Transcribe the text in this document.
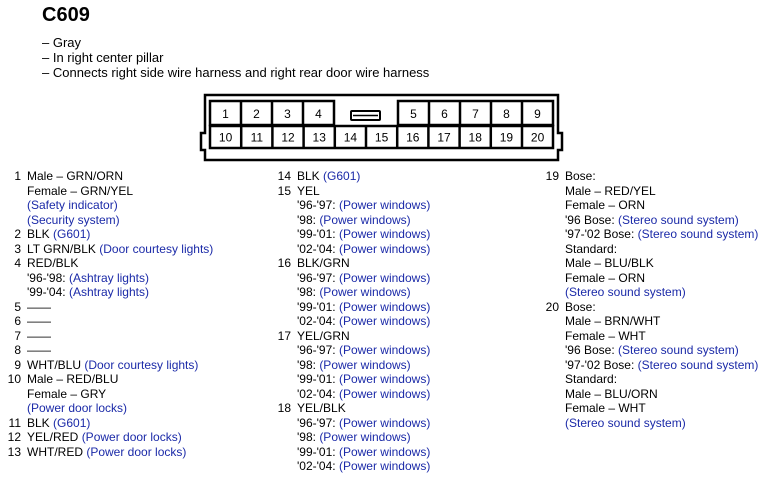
C609
– Gray
– In right center pillar
– Connects right side wire harness and right rear door wire harness
1 2 3 4	5 6 7 8 9
10 11 12 13 14 15 16 17 18 19 20
1 Male – GRN/ORN
Female – GRN/YEL
(Safety indicator)
(Security system)
2 BLK (G601)
3 LT GRN/BLK (Door courtesy lights)
4 RED/BLK
'96-'98: (Ashtray lights)
'99-'04: (Ashtray lights)
5 ——
6 ——
7 ——
8 ——
9 WHT/BLU (Door courtesy lights)
10 Male – RED/BLU
Female – GRY
(Power door locks)
11 BLK (G601)
12 YEL/RED (Power door locks)
13 WHT/RED (Power door locks)
14 BLK (G601)
15 YEL
'96-'97: (Power windows)
'98: (Power windows)
'99-'01: (Power windows)
'02-'04: (Power windows)
16 BLK/GRN
'96-'97: (Power windows)
'98: (Power windows)
'99-'01: (Power windows)
'02-'04: (Power windows)
17 YEL/GRN
'96-'97: (Power windows)
'98: (Power windows)
'99-'01: (Power windows)
'02-'04: (Power windows)
18 YEL/BLK
'96-'97: (Power windows)
'98: (Power windows)
'99-'01: (Power windows)
'02-'04: (Power windows)
19 Bose:
Male – RED/YEL
Female – ORN
'96 Bose: (Stereo sound system)
'97-'02 Bose: (Stereo sound system)
Standard:
Male – BLU/BLK
Female – ORN
(Stereo sound system)
20 Bose:
Male – BRN/WHT
Female – WHT
'96 Bose: (Stereo sound system)
'97-'02 Bose: (Stereo sound system)
Standard:
Male – BLU/ORN
Female – WHT
(Stereo sound system)
